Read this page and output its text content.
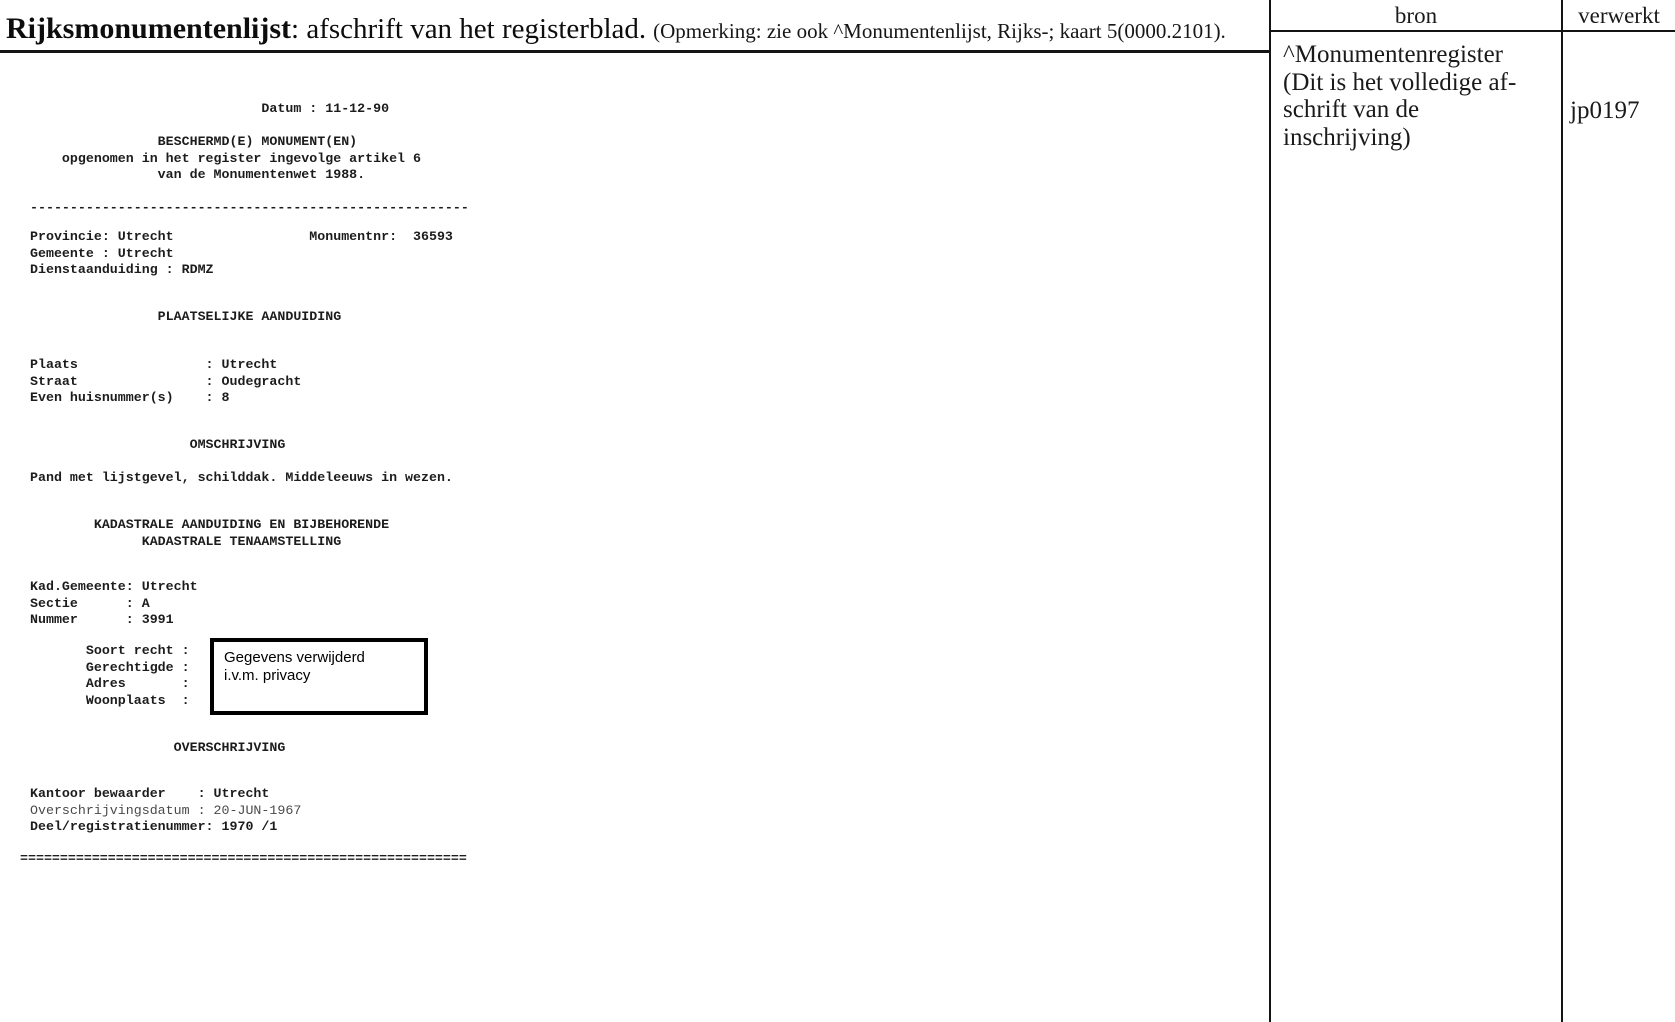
Rijksmonumentenlijst: afschrift van het registerblad. (Opmerking: zie ook ^Monumentenlijst, Rijks-; kaart 5(0000.2101).
bron	verwerkt
^Monumentenregister
(Dit is het volledige af-
schrift van de inschrijving)
jp0197
Datum : 11-12-90
BESCHERMD(E) MONUMENT(EN)
opgenomen in het register ingevolge artikel 6
van de Monumentenwet 1988.
-------------------------------------------------------
Provincie: Utrecht                 Monumentnr:  36593
Gemeente : Utrecht
Dienstaanduiding : RDMZ
PLAATSELIJKE AANDUIDING
Plaats                : Utrecht
Straat                : Oudegracht
Even huisnummer(s)    : 8
OMSCHRIJVING
Pand met lijstgevel, schilddak. Middeleeuws in wezen.
KADASTRALE AANDUIDING EN BIJBEHORENDE
KADASTRALE TENAAMSTELLING
Kad.Gemeente: Utrecht
Sectie      : A
Nummer      : 3991
Soort recht :
Gerechtigde :
Adres       :
Woonplaats  :
Gegevens verwijderd
i.v.m. privacy
OVERSCHRIJVING
Kantoor bewaarder    : Utrecht
Overschrijvingsdatum : 20-JUN-1967
Deel/registratienummer: 1970 /1
========================================================
